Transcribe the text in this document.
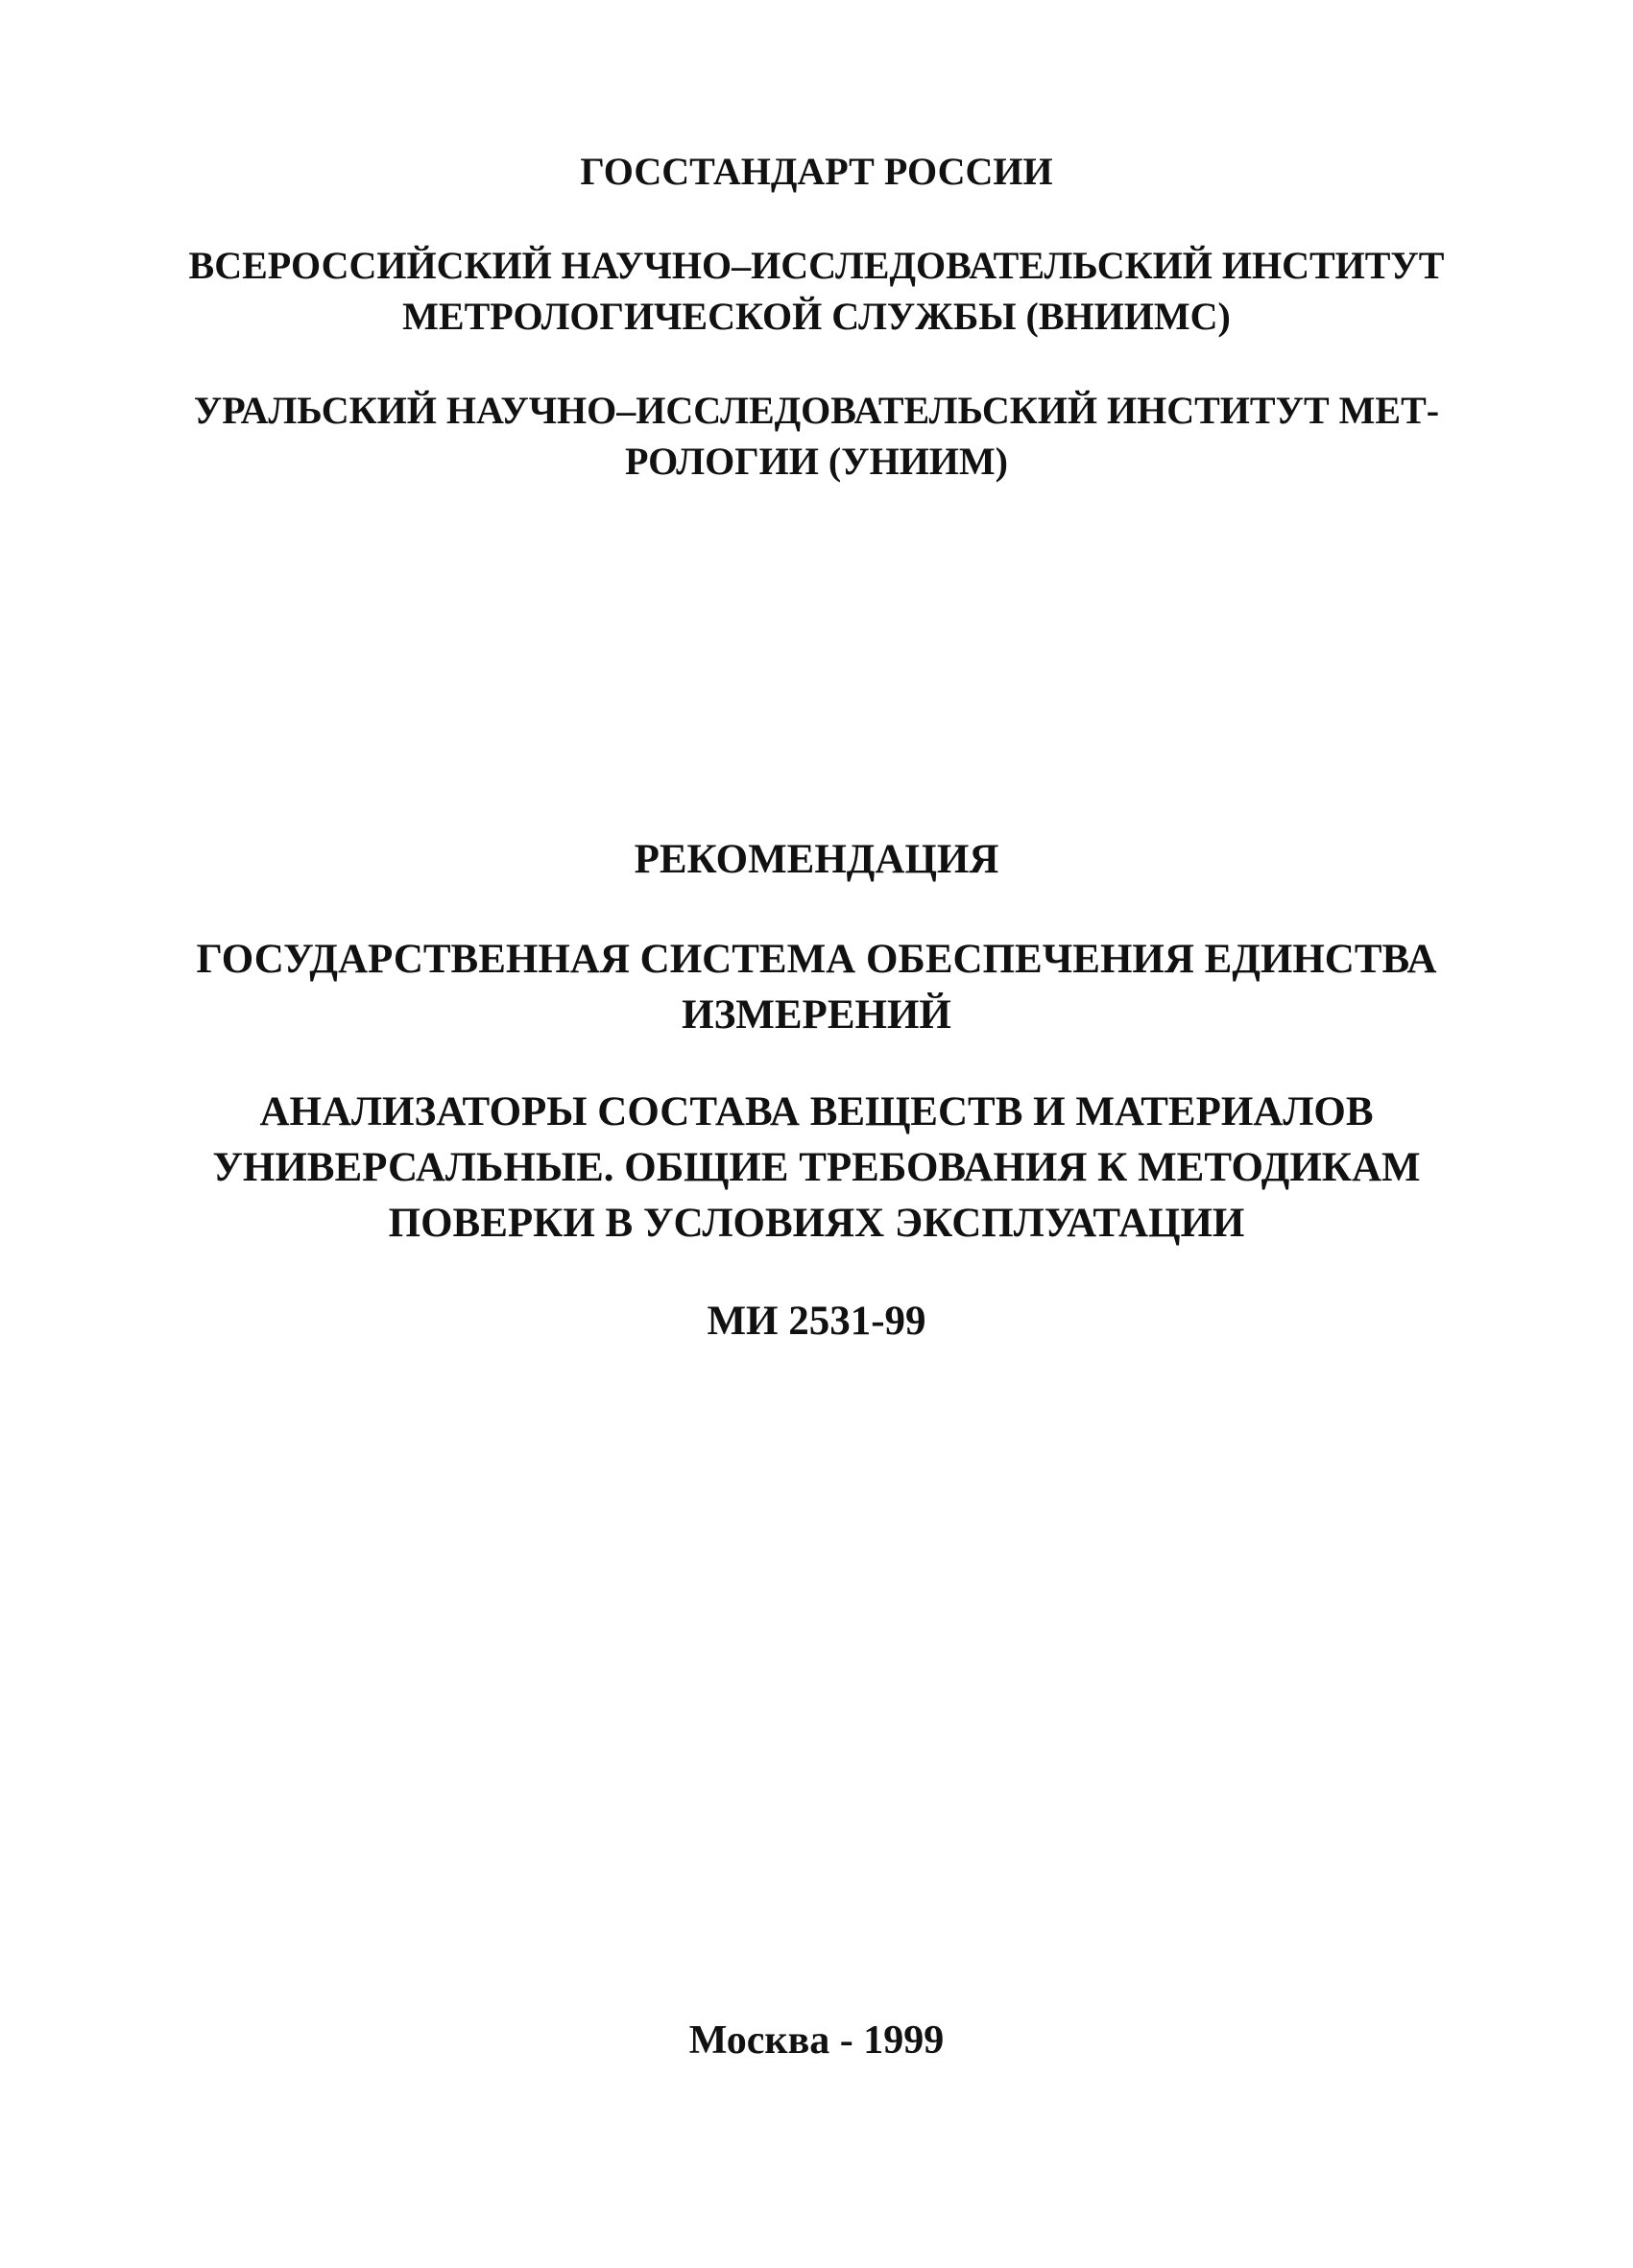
ГОССТАНДАРТ РОССИИ
ВСЕРОССИЙСКИЙ НАУЧНО–ИССЛЕДОВАТЕЛЬСКИЙ ИНСТИТУТ
МЕТРОЛОГИЧЕСКОЙ СЛУЖБЫ (ВНИИМС)
УРАЛЬСКИЙ НАУЧНО–ИССЛЕДОВАТЕЛЬСКИЙ ИНСТИТУТ МЕТ-
РОЛОГИИ (УНИИМ)
РЕКОМЕНДАЦИЯ
ГОСУДАРСТВЕННАЯ СИСТЕМА ОБЕСПЕЧЕНИЯ ЕДИНСТВА
ИЗМЕРЕНИЙ
АНАЛИЗАТОРЫ СОСТАВА ВЕЩЕСТВ И МАТЕРИАЛОВ
УНИВЕРСАЛЬНЫЕ. ОБЩИЕ ТРЕБОВАНИЯ К МЕТОДИКАМ
ПОВЕРКИ В УСЛОВИЯХ ЭКСПЛУАТАЦИИ
МИ 2531-99
Москва - 1999
